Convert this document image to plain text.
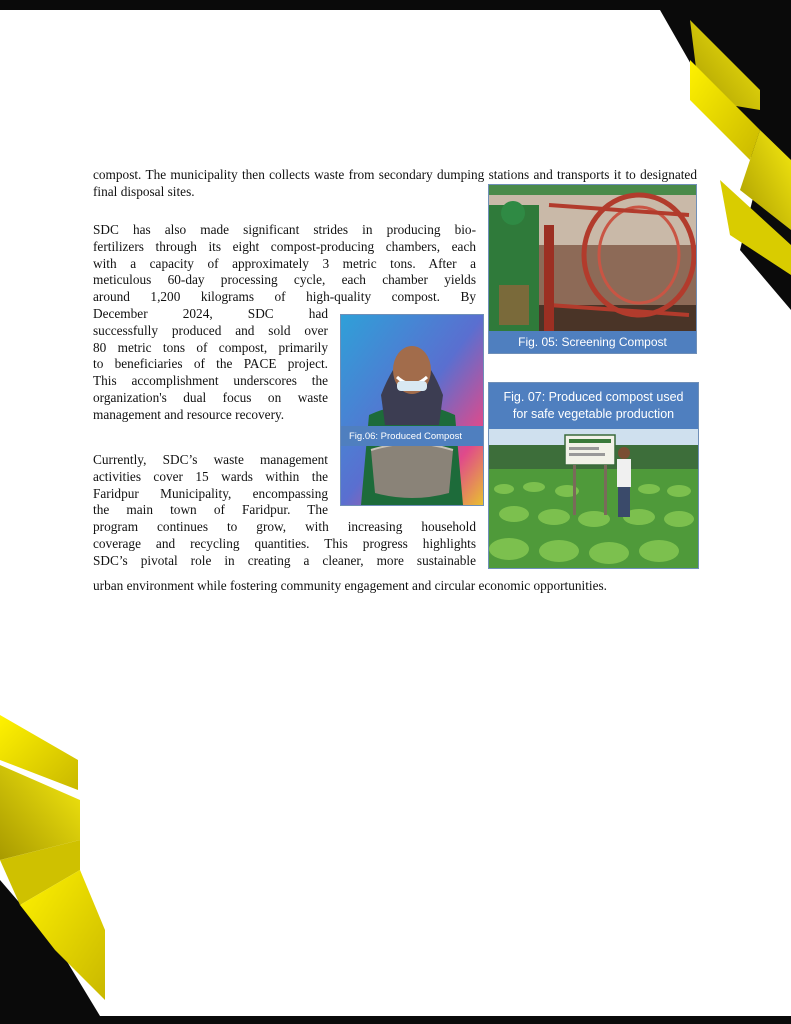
compost. The municipality then collects waste from secondary dumping stations and transports it to designated final disposal sites.

SDC has also made significant strides in producing bio-
fertilizers through its eight compost-producing chambers, each
with a capacity of approximately 3 metric tons. After a
meticulous 60-day processing cycle, each chamber yields
around 1,200 kilograms of high-quality compost. By
December 2024, SDC had
successfully produced and sold over
80 metric tons of compost, primarily
to beneficiaries of the PACE project.
This accomplishment underscores the
organization's dual focus on waste
management and resource recovery.
Currently, SDC’s waste management
activities cover 15 wards within the
Faridpur Municipality, encompassing
the main town of Faridpur. The
program continues to grow, with increasing household
coverage and recycling quantities. This progress highlights
SDC’s pivotal role in creating a cleaner, more sustainable
urban environment while fostering community engagement and circular economic opportunities.
Fig. 05: Screening Compost
Fig.06: Produced Compost
Fig. 07: Produced compost used
for safe vegetable production
